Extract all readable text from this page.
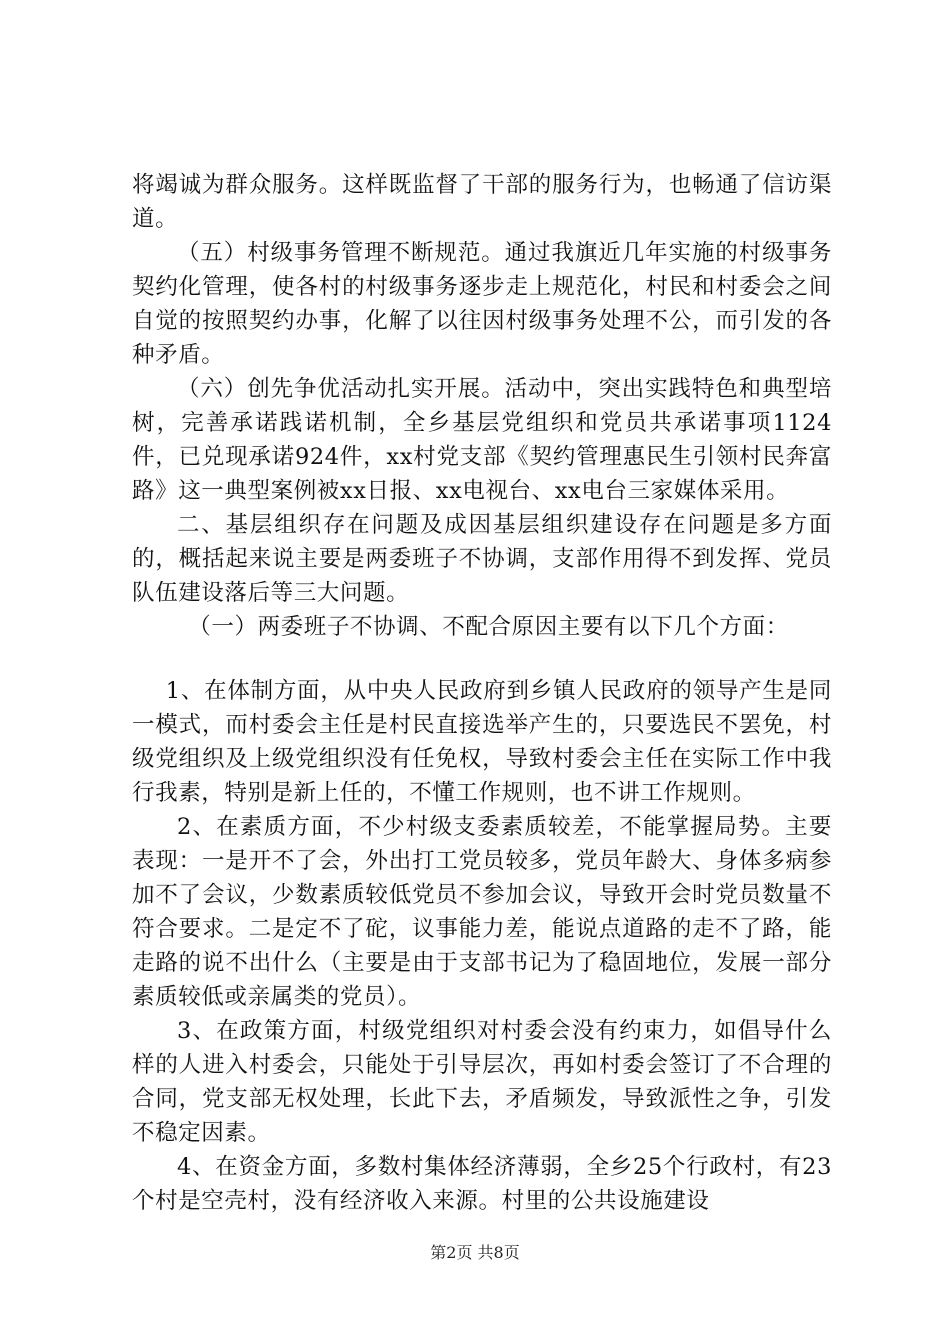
将竭诚为群众服务。这样既监督了干部的服务行为，也畅通了信访渠道。

（五）村级事务管理不断规范。通过我旗近几年实施的村级事务契约化管理，使各村的村级事务逐步走上规范化，村民和村委会之间自觉的按照契约办事，化解了以往因村级事务处理不公，而引发的各种矛盾。

（六）创先争优活动扎实开展。活动中，突出实践特色和典型培树，完善承诺践诺机制，全乡基层党组织和党员共承诺事项1124件，已兑现承诺924件，xx村党支部《契约管理惠民生引领村民奔富路》这一典型案例被xx日报、xx电视台、xx电台三家媒体采用。

二、基层组织存在问题及成因基层组织建设存在问题是多方面的，概括起来说主要是两委班子不协调，支部作用得不到发挥、党员队伍建设落后等三大问题。

（一）两委班子不协调、不配合原因主要有以下几个方面：

1、在体制方面，从中央人民政府到乡镇人民政府的领导产生是同一模式，而村委会主任是村民直接选举产生的，只要选民不罢免，村级党组织及上级党组织没有任免权，导致村委会主任在实际工作中我行我素，特别是新上任的，不懂工作规则，也不讲工作规则。

2、在素质方面，不少村级支委素质较差，不能掌握局势。主要表现：一是开不了会，外出打工党员较多，党员年龄大、身体多病参加不了会议，少数素质较低党员不参加会议，导致开会时党员数量不符合要求。二是定不了砣，议事能力差，能说点道路的走不了路，能走路的说不出什么（主要是由于支部书记为了稳固地位，发展一部分素质较低或亲属类的党员）。

3、在政策方面，村级党组织对村委会没有约束力，如倡导什么样的人进入村委会，只能处于引导层次，再如村委会签订了不合理的合同，党支部无权处理，长此下去，矛盾频发，导致派性之争，引发不稳定因素。

4、在资金方面，多数村集体经济薄弱，全乡25个行政村，有23个村是空壳村，没有经济收入来源。村里的公共设施建设

第2页 共8页
